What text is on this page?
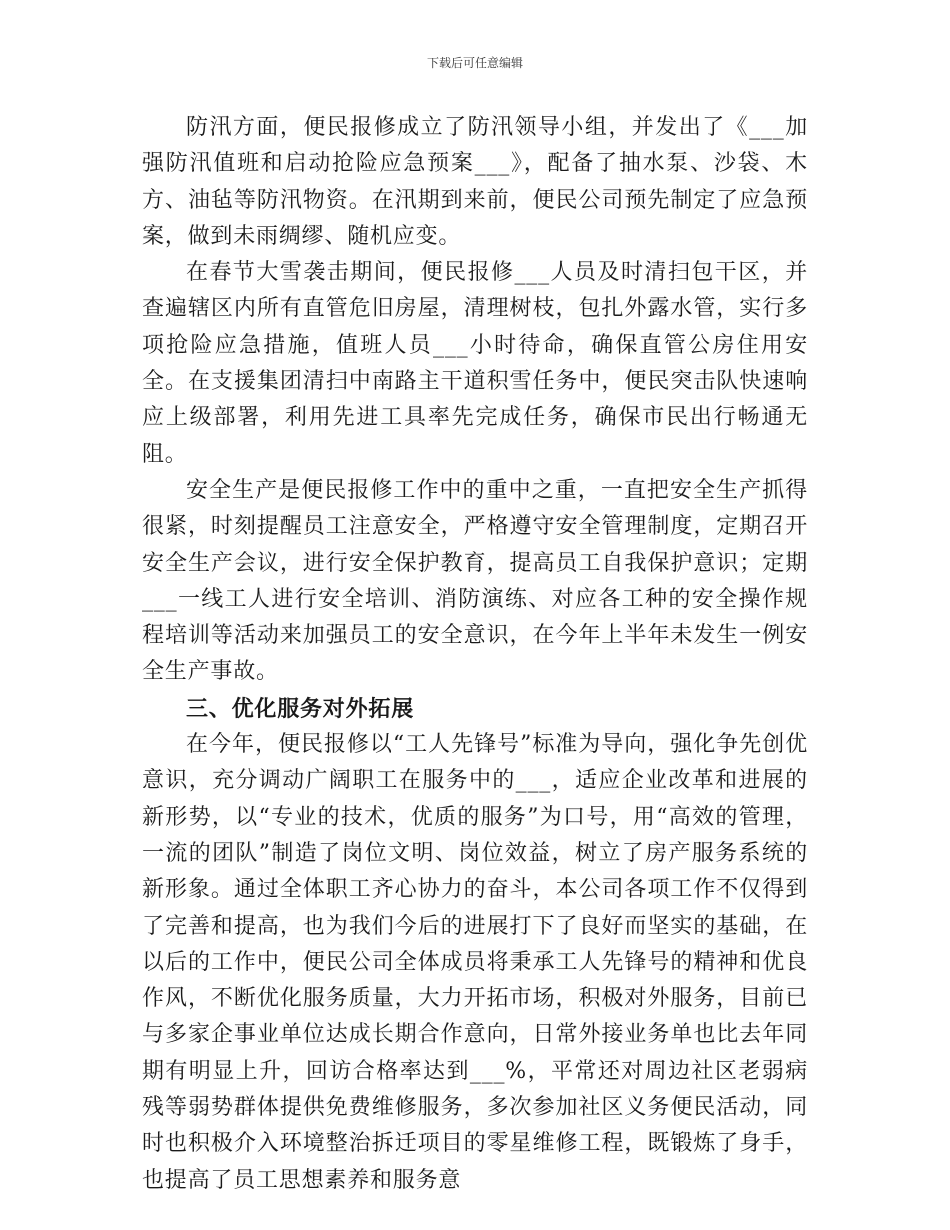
下载后可任意编辑

防汛方面，便民报修成立了防汛领导小组，并发出了《___加强防汛值班和启动抢险应急预案___》，配备了抽水泵、沙袋、木方、油毡等防汛物资。在汛期到来前，便民公司预先制定了应急预案，做到未雨绸缪、随机应变。

在春节大雪袭击期间，便民报修___人员及时清扫包干区，并查遍辖区内所有直管危旧房屋，清理树枝，包扎外露水管，实行多项抢险应急措施，值班人员___小时待命，确保直管公房住用安全。在支援集团清扫中南路主干道积雪任务中，便民突击队快速响应上级部署，利用先进工具率先完成任务，确保市民出行畅通无阻。

安全生产是便民报修工作中的重中之重，一直把安全生产抓得很紧，时刻提醒员工注意安全，严格遵守安全管理制度，定期召开安全生产会议，进行安全保护教育，提高员工自我保护意识；定期___一线工人进行安全培训、消防演练、对应各工种的安全操作规程培训等活动来加强员工的安全意识，在今年上半年未发生一例安全生产事故。

三、优化服务对外拓展

在今年，便民报修以“工人先锋号”标准为导向，强化争先创优意识，充分调动广阔职工在服务中的___，适应企业改革和进展的新形势，以“专业的技术，优质的服务”为口号，用“高效的管理，一流的团队”制造了岗位文明、岗位效益，树立了房产服务系统的新形象。通过全体职工齐心协力的奋斗，本公司各项工作不仅得到了完善和提高，也为我们今后的进展打下了良好而坚实的基础，在以后的工作中，便民公司全体成员将秉承工人先锋号的精神和优良作风，不断优化服务质量，大力开拓市场，积极对外服务，目前已与多家企事业单位达成长期合作意向，日常外接业务单也比去年同期有明显上升，回访合格率达到___%，平常还对周边社区老弱病残等弱势群体提供免费维修服务，多次参加社区义务便民活动，同时也积极介入环境整治拆迁项目的零星维修工程，既锻炼了身手，也提高了员工思想素养和服务意
